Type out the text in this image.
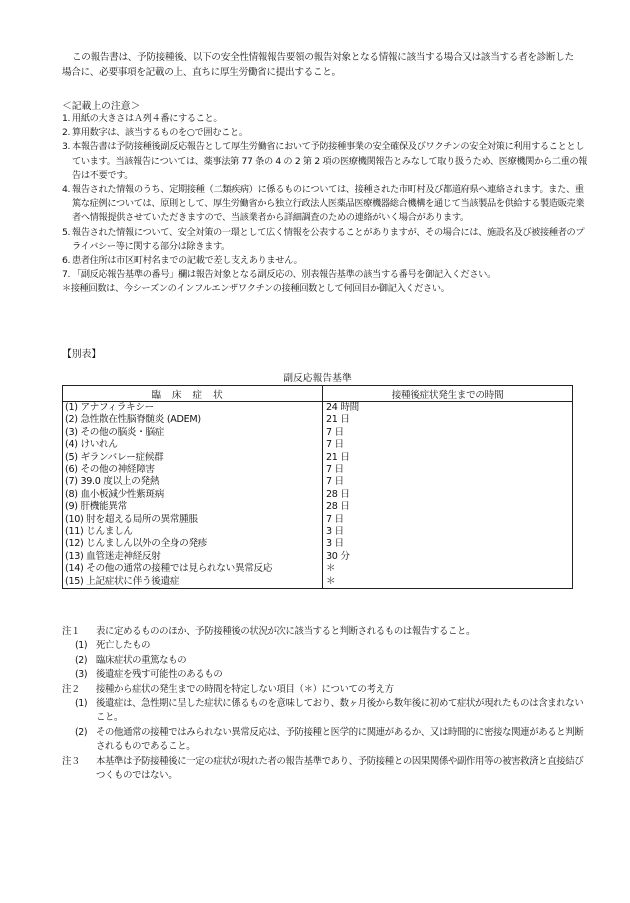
この報告書は、予防接種後、以下の安全性情報報告要領の報告対象となる情報に該当する場合又は該当する者を診断した場合に、必要事項を記載の上、直ちに厚生労働省に提出すること。
＜記載上の注意＞
1. 用紙の大きさはＡ列４番にすること。
2. 算用数字は、該当するものを○で囲むこと。
3. 本報告書は予防接種後副反応報告として厚生労働省において予防接種事業の安全確保及びワクチンの安全対策に利用することとしています。当該報告については、薬事法第 77 条の 4 の 2 第 2 項の医療機関報告とみなして取り扱うため、医療機関から二重の報告は不要です。
4. 報告された情報のうち、定期接種（二類疾病）に係るものについては、接種された市町村及び都道府県へ連絡されます。また、重篤な症例については、原則として、厚生労働省から独立行政法人医薬品医療機器総合機構を通じて当該製品を供給する製造販売業者へ情報提供させていただきますので、当該業者から詳細調査のための連絡がいく場合があります。
5. 報告された情報について、安全対策の一環として広く情報を公表することがありますが、その場合には、施設名及び被接種者のプライバシー等に関する部分は除きます。
6. 患者住所は市区町村名までの記載で差し支えありません。
7. 「副反応報告基準の番号」欄は報告対象となる副反応の、別表報告基準の該当する番号を御記入ください。
＊接種回数は、今シーズンのインフルエンザワクチンの接種回数として何回目か御記入ください。
【別表】
副反応報告基準
臨床症状	接種後症状発生までの時間
(1) アナフィラキシー	24 時間
(2) 急性散在性脳脊髄炎 (ADEM)	21 日
(3) その他の脳炎・脳症	7 日
(4) けいれん	7 日
(5) ギランバレー症候群	21 日
(6) その他の神経障害	7 日
(7) 39.0 度以上の発熱	7 日
(8) 血小板減少性紫斑病	28 日
(9) 肝機能異常	28 日
(10) 肘を超える局所の異常腫脹	7 日
(11) じんましん	3 日
(12) じんましん以外の全身の発疹	3 日
(13) 血管迷走神経反射	30 分
(14) その他の通常の接種では見られない異常反応	＊
(15) 上記症状に伴う後遺症	＊
注１ 表に定めるもののほか、予防接種後の状況が次に該当すると判断されるものは報告すること。
(1) 死亡したもの
(2) 臨床症状の重篤なもの
(3) 後遺症を残す可能性のあるもの
注２ 接種から症状の発生までの時間を特定しない項目（＊）についての考え方
(1) 後遺症は、急性期に呈した症状に係るものを意味しており、数ヶ月後から数年後に初めて症状が現れたものは含まれないこと。
(2) その他通常の接種ではみられない異常反応は、予防接種と医学的に関連があるか、又は時間的に密接な関連があると判断されるものであること。
注３ 本基準は予防接種後に一定の症状が現れた者の報告基準であり、予防接種との因果関係や副作用等の被害救済と直接結びつくものではない。
